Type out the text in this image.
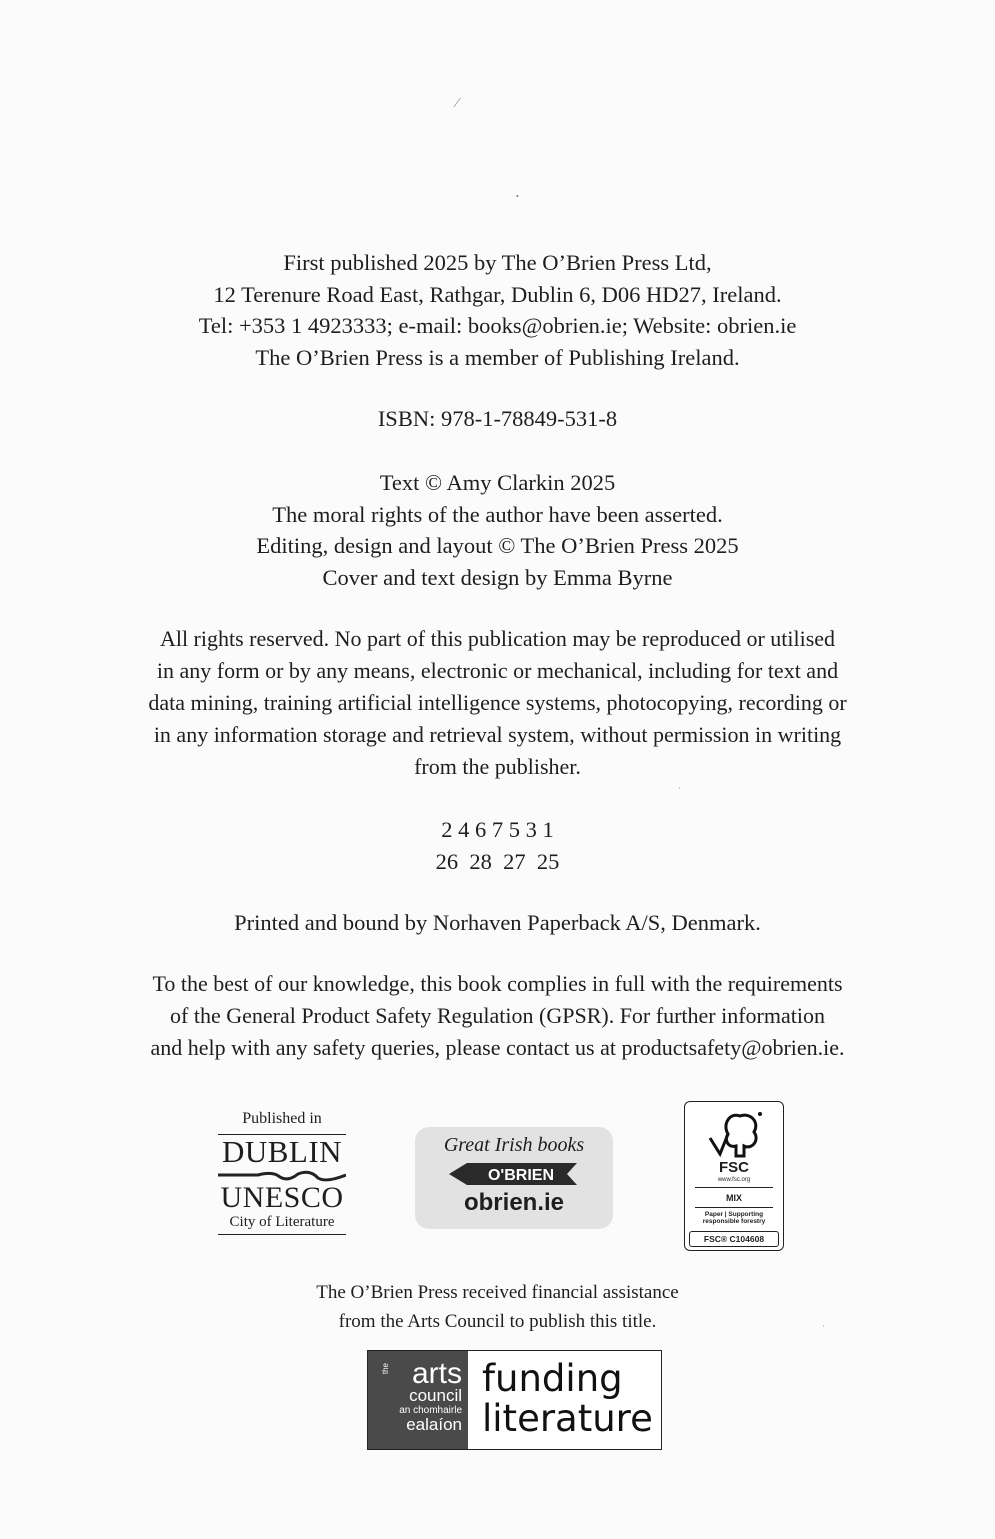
⁄
•
First published 2025 by The O’Brien Press Ltd,
12 Terenure Road East, Rathgar, Dublin 6, D06 HD27, Ireland.
Tel: +353 1 4923333; e-mail: books@obrien.ie; Website: obrien.ie
The O’Brien Press is a member of Publishing Ireland.
ISBN: 978-1-78849-531-8
Text © Amy Clarkin 2025
The moral rights of the author have been asserted.
Editing, design and layout © The O’Brien Press 2025
Cover and text design by Emma Byrne
All rights reserved. No part of this publication may be reproduced or utilised
in any form or by any means, electronic or mechanical, including for text and
data mining, training artificial intelligence systems, photocopying, recording or
in any information storage and retrieval system, without permission in writing
from the publisher.
2 4 6 7 5 3 1
26  28  27  25
Printed and bound by Norhaven Paperback A/S, Denmark.
To the best of our knowledge, this book complies in full with the requirements
of the General Product Safety Regulation (GPSR). For further information
and help with any safety queries, please contact us at productsafety@obrien.ie.
Published in
DUBLIN
UNESCO
City of Literature
Great Irish books
O'BRIEN
obrien.ie
FSC
www.fsc.org
MIX
Paper | Supporting
responsible forestry
FSC® C104608
The O’Brien Press received financial assistance
from the Arts Council to publish this title.
the arts
council
an chomhairle
ealaíon
funding
literature
·
·
